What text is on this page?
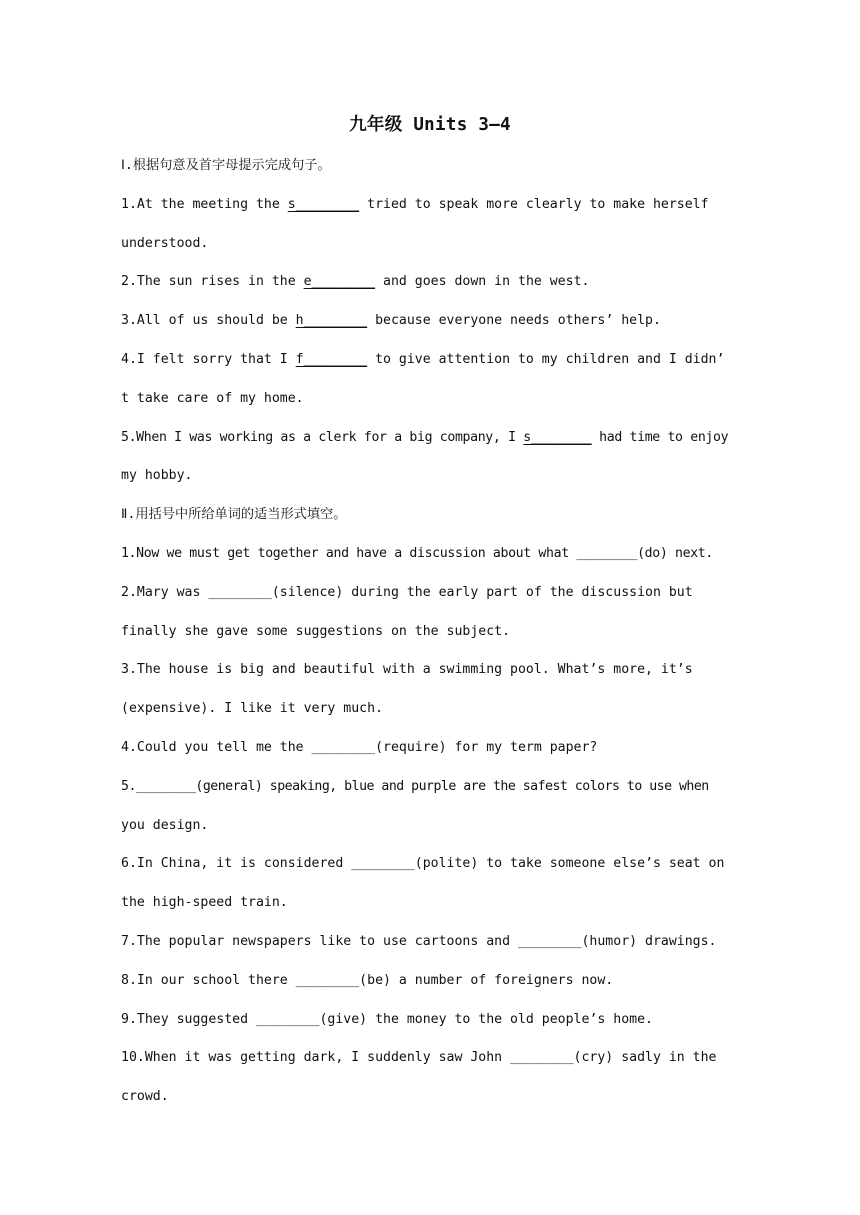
九年级 Units 3—4
Ⅰ.根据句意及首字母提示完成句子。
1.At the meeting the s________ tried to speak more clearly to make herself
understood.
2.The sun rises in the e________ and goes down in the west.
3.All of us should be h________ because everyone needs others’ help.
4.I felt sorry that I f________ to give attention to my children and I didn’
t take care of my home.
5.When I was working as a clerk for a big company, I s________ had time to enjoy
my hobby.
Ⅱ.用括号中所给单词的适当形式填空。
1.Now we must get together and have a discussion about what ________(do) next.
2.Mary was ________(silence) during the early part of the discussion but
finally she gave some suggestions on the subject.
3.The house is big and beautiful with a swimming pool. What’s more, it’s
(expensive). I like it very much.
4.Could you tell me the ________(require) for my term paper?
5.________(general) speaking, blue and purple are the safest colors to use when
you design.
6.In China, it is considered ________(polite) to take someone else’s seat on
the high-speed train.
7.The popular newspapers like to use cartoons and ________(humor) drawings.
8.In our school there ________(be) a number of foreigners now.
9.They suggested ________(give) the money to the old people’s home.
10.When it was getting dark, I suddenly saw John ________(cry) sadly in the
crowd.
